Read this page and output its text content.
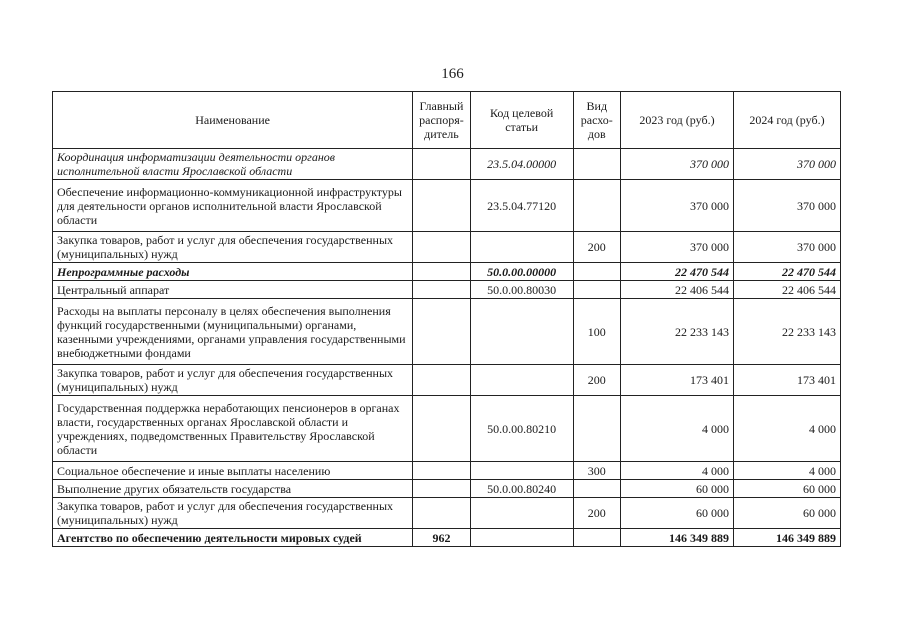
166
Наименование	Главный распоря-дитель	Код целевой статьи	Вид расхо-дов	2023 год (руб.)	2024 год (руб.)
Координация информатизации деятельности органов исполнительной власти Ярославской области		23.5.04.00000		370 000	370 000
Обеспечение информационно-коммуникационной инфраструктуры для деятельности органов исполнительной власти Ярославской области		23.5.04.77120		370 000	370 000
Закупка товаров, работ и услуг для обеспечения государственных (муниципальных) нужд			200	370 000	370 000
Непрограммные расходы		50.0.00.00000		22 470 544	22 470 544
Центральный аппарат		50.0.00.80030		22 406 544	22 406 544
Расходы на выплаты персоналу в целях обеспечения выполнения функций государственными (муниципальными) органами, казенными учреждениями, органами управления государственными внебюджетными фондами			100	22 233 143	22 233 143
Закупка товаров, работ и услуг для обеспечения государственных (муниципальных) нужд			200	173 401	173 401
Государственная поддержка неработающих пенсионеров в органах власти, государственных органах Ярославской области и учреждениях, подведомственных Правительству Ярославской области		50.0.00.80210		4 000	4 000
Социальное обеспечение и иные выплаты населению			300	4 000	4 000
Выполнение других обязательств государства		50.0.00.80240		60 000	60 000
Закупка товаров, работ и услуг для обеспечения государственных (муниципальных) нужд			200	60 000	60 000
Агентство по обеспечению деятельности мировых судей	962			146 349 889	146 349 889
